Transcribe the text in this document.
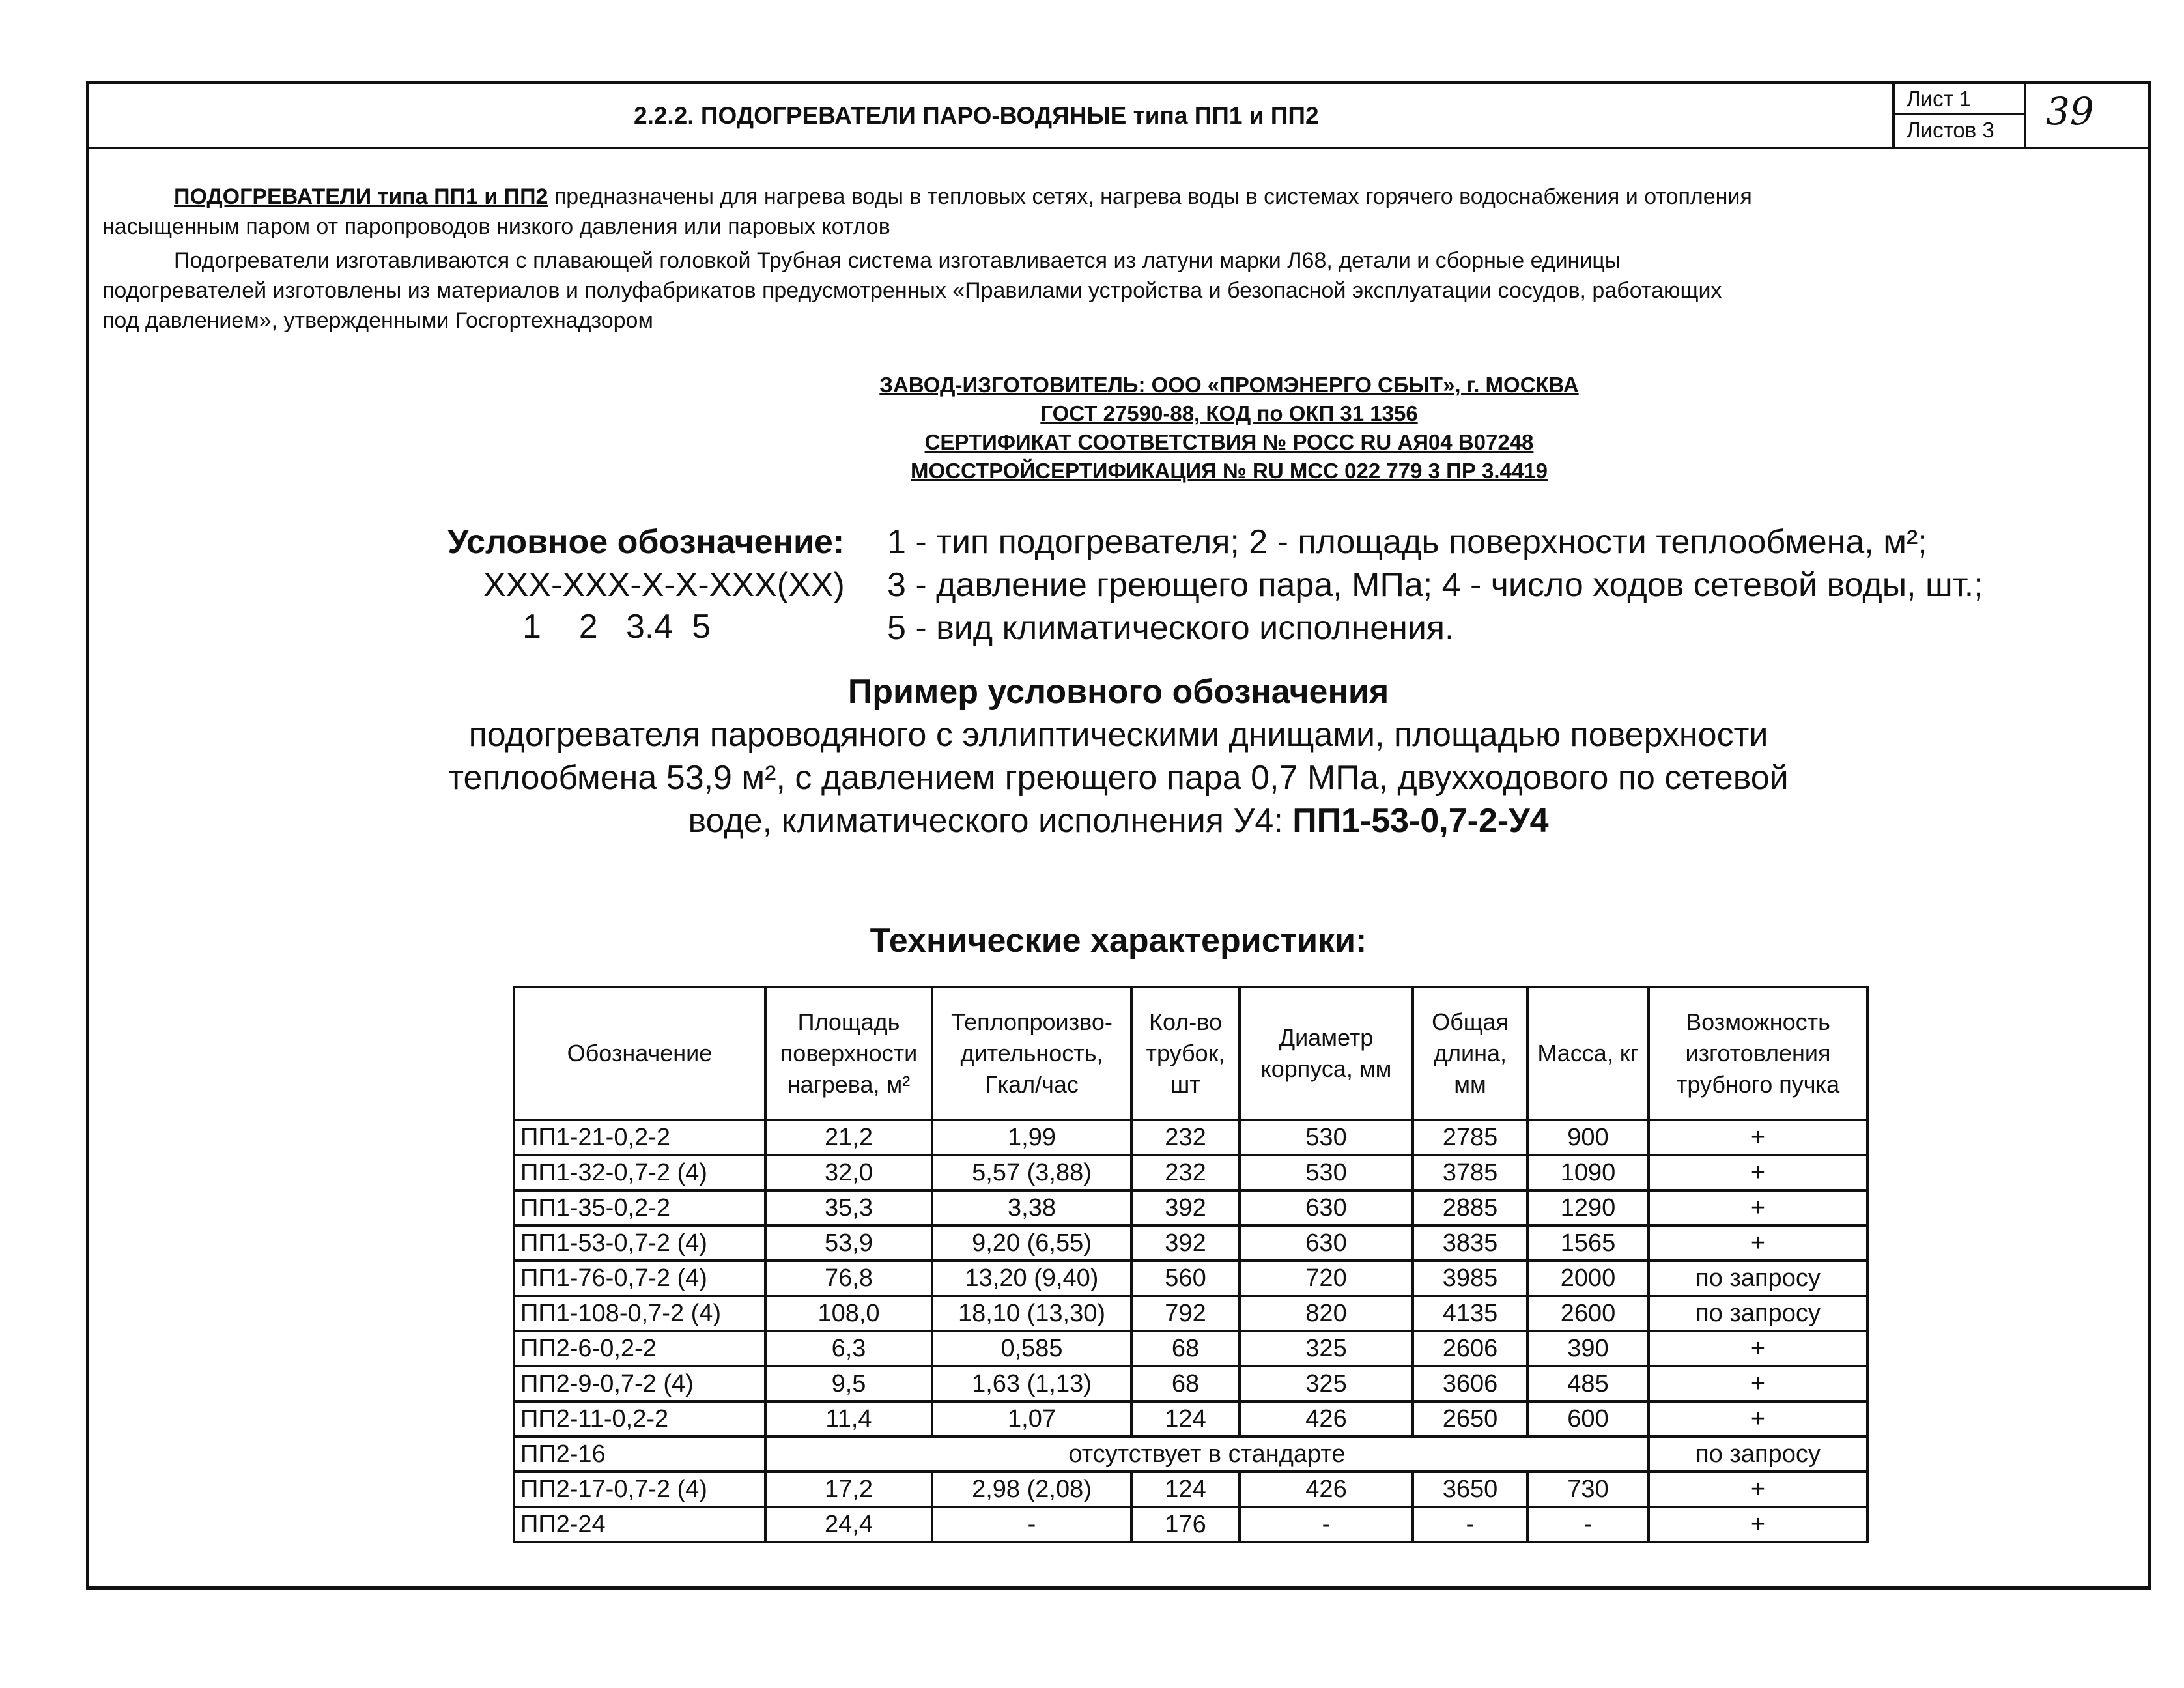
2.2.2. ПОДОГРЕВАТЕЛИ ПАРО-ВОДЯНЫЕ типа ПП1 и ПП2
Лист 1
Листов 3	39
ПОДОГРЕВАТЕЛИ типа ПП1 и ПП2 предназначены для нагрева воды в тепловых сетях, нагрева воды в системах горячего водоснабжения и отопления
насыщенным паром от паропроводов низкого давления или паровых котлов
Подогреватели изготавливаются с плавающей головкой Трубная система изготавливается из латуни марки Л68, детали и сборные единицы
подогревателей изготовлены из материалов и полуфабрикатов предусмотренных «Правилами устройства и безопасной эксплуатации сосудов, работающих
под давлением», утвержденными Госгортехнадзором
ЗАВОД-ИЗГОТОВИТЕЛЬ: ООО «ПРОМЭНЕРГО СБЫТ», г. МОСКВА
ГОСТ 27590-88, КОД по ОКП 31 1356
СЕРТИФИКАТ СООТВЕТСТВИЯ № РОСС RU АЯ04 В07248
МОССТРОЙСЕРТИФИКАЦИЯ № RU МСС 022 779 3 ПР 3.4419
Условное обозначение:
ХХХ-ХХХ-Х-Х-ХХХ(ХХ)
1    2   3.4  5
1 - тип подогревателя; 2 - площадь поверхности теплообмена, м²;
3 - давление греющего пара, МПа; 4 - число ходов сетевой воды, шт.;
5 - вид климатического исполнения.
Пример условного обозначения
подогревателя пароводяного с эллиптическими днищами, площадью поверхности
теплообмена 53,9 м², с давлением греющего пара 0,7 МПа, двухходового по сетевой
воде, климатического исполнения У4: ПП1-53-0,7-2-У4
Технические характеристики:
Обозначение	Площадь поверхности нагрева, м²	Теплопроизво-дительность, Гкал/час	Кол-во трубок, шт	Диаметр корпуса, мм	Общая длина, мм	Масса, кг	Возможность изготовления трубного пучка
ПП1-21-0,2-2	21,2	1,99	232	530	2785	900	+
ПП1-32-0,7-2 (4)	32,0	5,57 (3,88)	232	530	3785	1090	+
ПП1-35-0,2-2	35,3	3,38	392	630	2885	1290	+
ПП1-53-0,7-2 (4)	53,9	9,20 (6,55)	392	630	3835	1565	+
ПП1-76-0,7-2 (4)	76,8	13,20 (9,40)	560	720	3985	2000	по запросу
ПП1-108-0,7-2 (4)	108,0	18,10 (13,30)	792	820	4135	2600	по запросу
ПП2-6-0,2-2	6,3	0,585	68	325	2606	390	+
ПП2-9-0,7-2 (4)	9,5	1,63 (1,13)	68	325	3606	485	+
ПП2-11-0,2-2	11,4	1,07	124	426	2650	600	+
ПП2-16	отсутствует в стандарте						по запросу
ПП2-17-0,7-2 (4)	17,2	2,98 (2,08)	124	426	3650	730	+
ПП2-24	24,4	-	176	-	-	-	+
